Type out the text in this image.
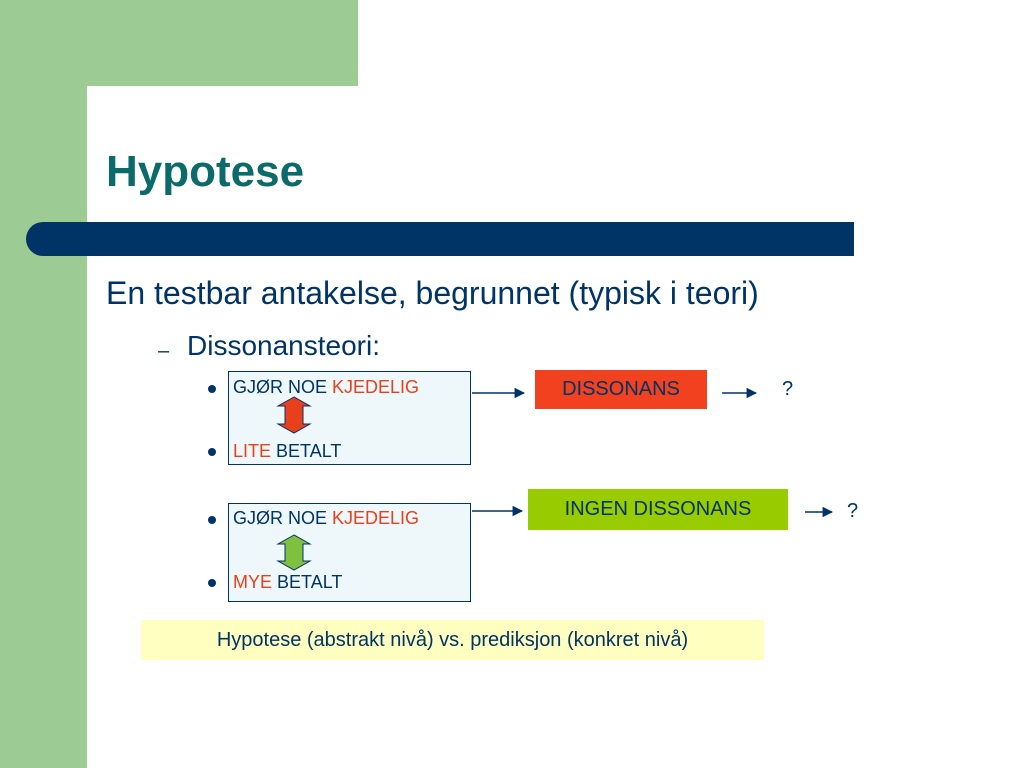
Hypotese
En testbar antakelse, begrunnet (typisk i teori)
– Dissonansteori:
GJØR NOE KJEDELIG
LITE BETALT
DISSONANS	?
GJØR NOE KJEDELIG
MYE BETALT
INGEN DISSONANS	?
Hypotese (abstrakt nivå) vs. prediksjon (konkret nivå)
